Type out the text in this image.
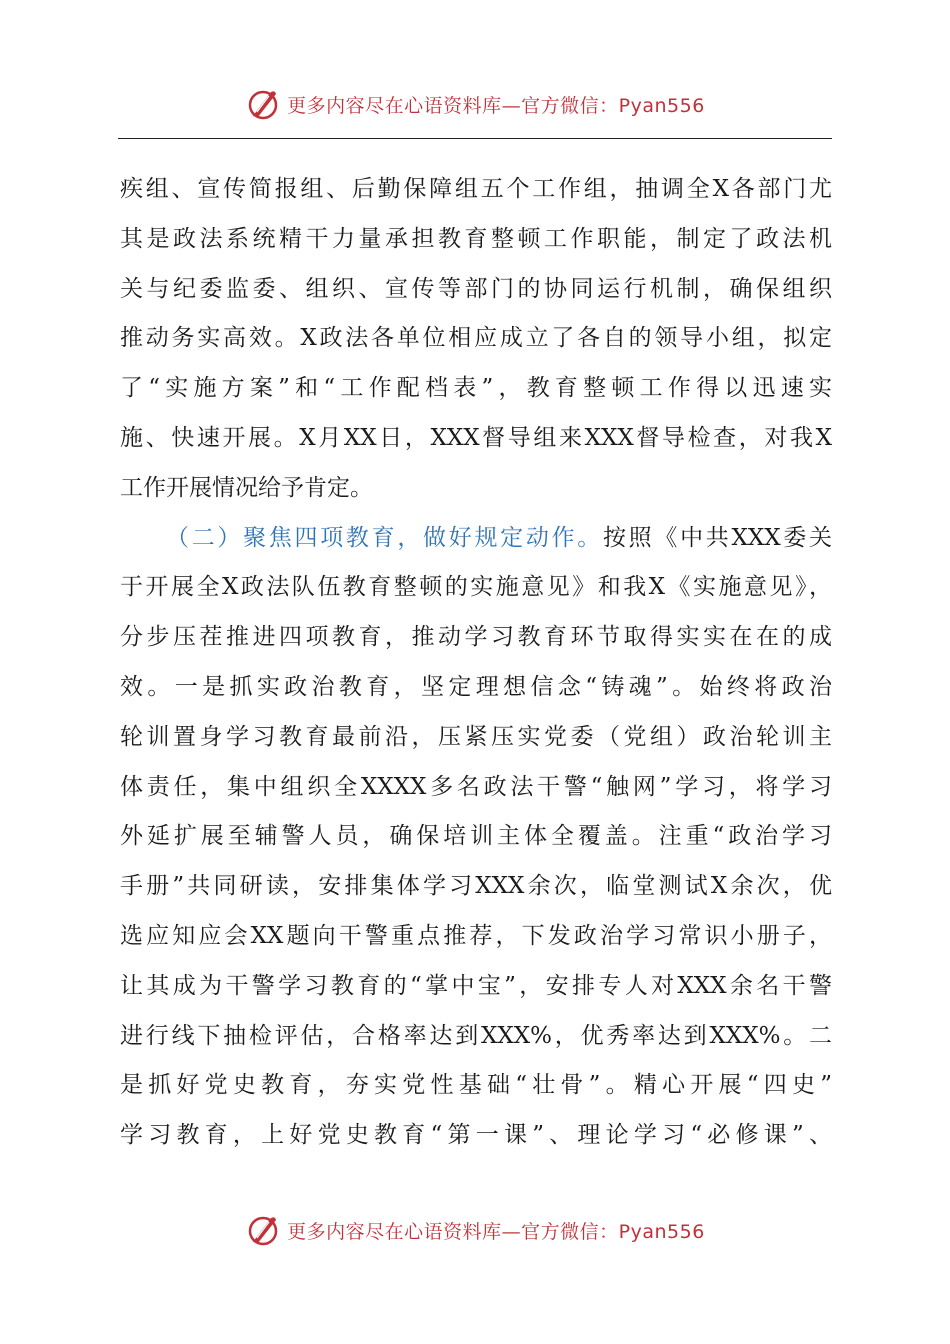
更多内容尽在心语资料库—官方微信：Pyan556
疾组、宣传简报组、后勤保障组五个工作组，抽调全X各部门尤
其是政法系统精干力量承担教育整顿工作职能，制定了政法机
关与纪委监委、组织、宣传等部门的协同运行机制，确保组织
推动务实高效。X政法各单位相应成立了各自的领导小组，拟定
了“实施方案”和“工作配档表”，教育整顿工作得以迅速实
施、快速开展。X月XX日，XXX督导组来XXX督导检查，对我X
工作开展情况给予肯定。
（二）聚焦四项教育，做好规定动作。按照《中共XXX委关
于开展全X政法队伍教育整顿的实施意见》和我X《实施意见》，
分步压茬推进四项教育，推动学习教育环节取得实实在在的成
效。一是抓实政治教育，坚定理想信念“铸魂”。始终将政治
轮训置身学习教育最前沿，压紧压实党委（党组）政治轮训主
体责任，集中组织全XXXX多名政法干警“触网”学习，将学习
外延扩展至辅警人员，确保培训主体全覆盖。注重“政治学习
手册”共同研读，安排集体学习XXX余次，临堂测试X余次，优
选应知应会XX题向干警重点推荐，下发政治学习常识小册子，
让其成为干警学习教育的“掌中宝”，安排专人对XXX余名干警
进行线下抽检评估，合格率达到XXX%，优秀率达到XXX%。二
是抓好党史教育，夯实党性基础“壮骨”。精心开展“四史”
学习教育，上好党史教育“第一课”、理论学习“必修课”、
更多内容尽在心语资料库—官方微信：Pyan556
